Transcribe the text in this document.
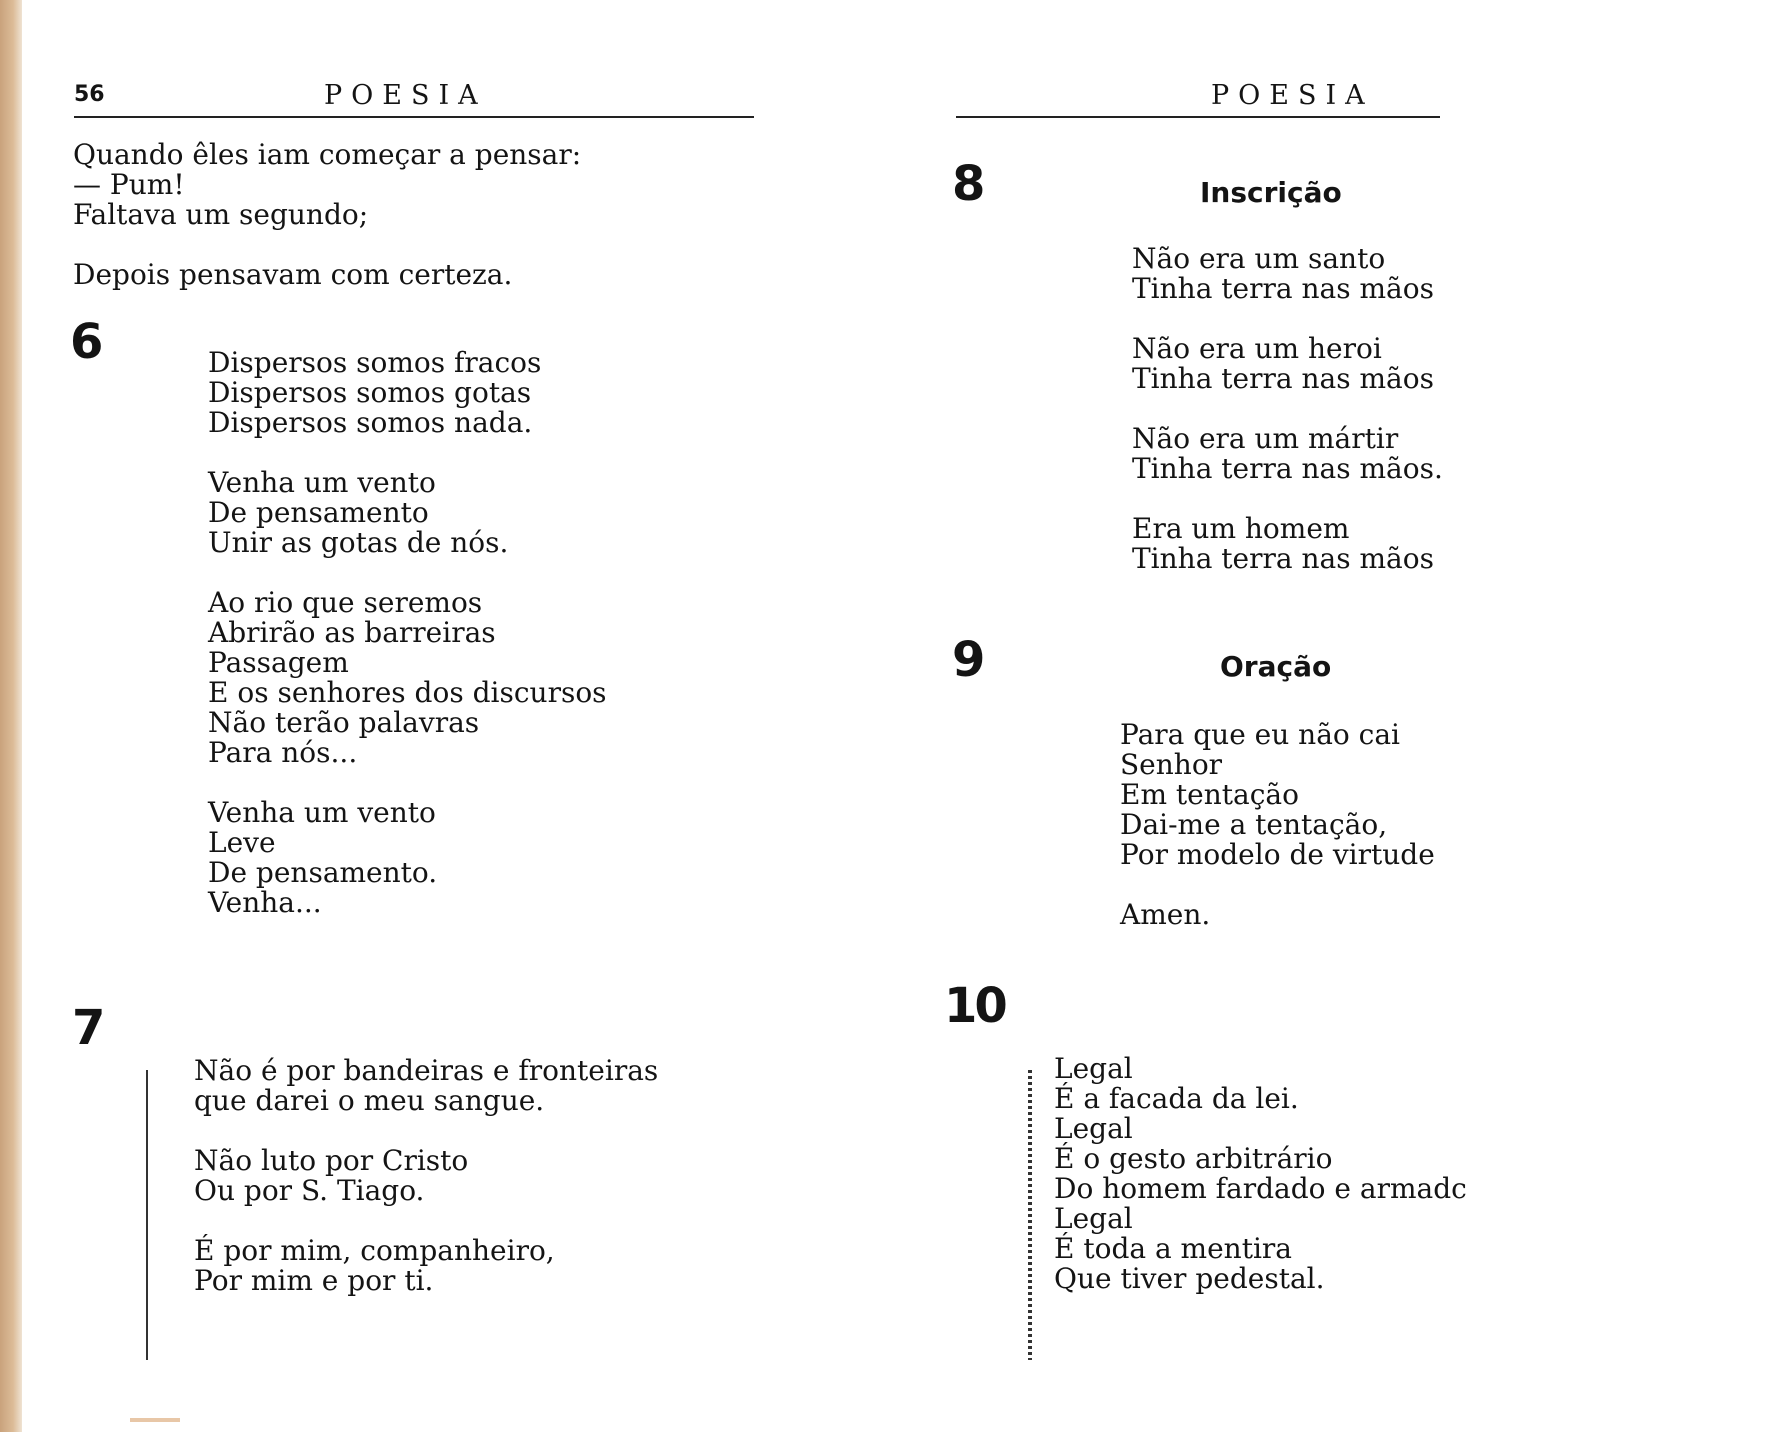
56	POESIA
Quando êles iam começar a pensar:
— Pum!
Faltava um segundo;
Depois pensavam com certeza.
6	Dispersos somos fracos
Dispersos somos gotas
Dispersos somos nada.
Venha um vento
De pensamento
Unir as gotas de nós.
Ao rio que seremos
Abrirão as barreiras
Passagem
E os senhores dos discursos
Não terão palavras
Para nós...
Venha um vento
Leve
De pensamento.
Venha...
7
Não é por bandeiras e fronteiras
que darei o meu sangue.
Não luto por Cristo
Ou por S. Tiago.
É por mim, companheiro,
Por mim e por ti.
POESIA
8	Inscrição
Não era um santo
Tinha terra nas mãos
Não era um heroi
Tinha terra nas mãos
Não era um mártir
Tinha terra nas mãos.
Era um homem
Tinha terra nas mãos
9	Oração
Para que eu não cai
Senhor
Em tentação
Dai-me a tentação,
Por modelo de virtude
Amen.
10
Legal
É a facada da lei.
Legal
É o gesto arbitrário
Do homem fardado e armadc
Legal
É toda a mentira
Que tiver pedestal.
